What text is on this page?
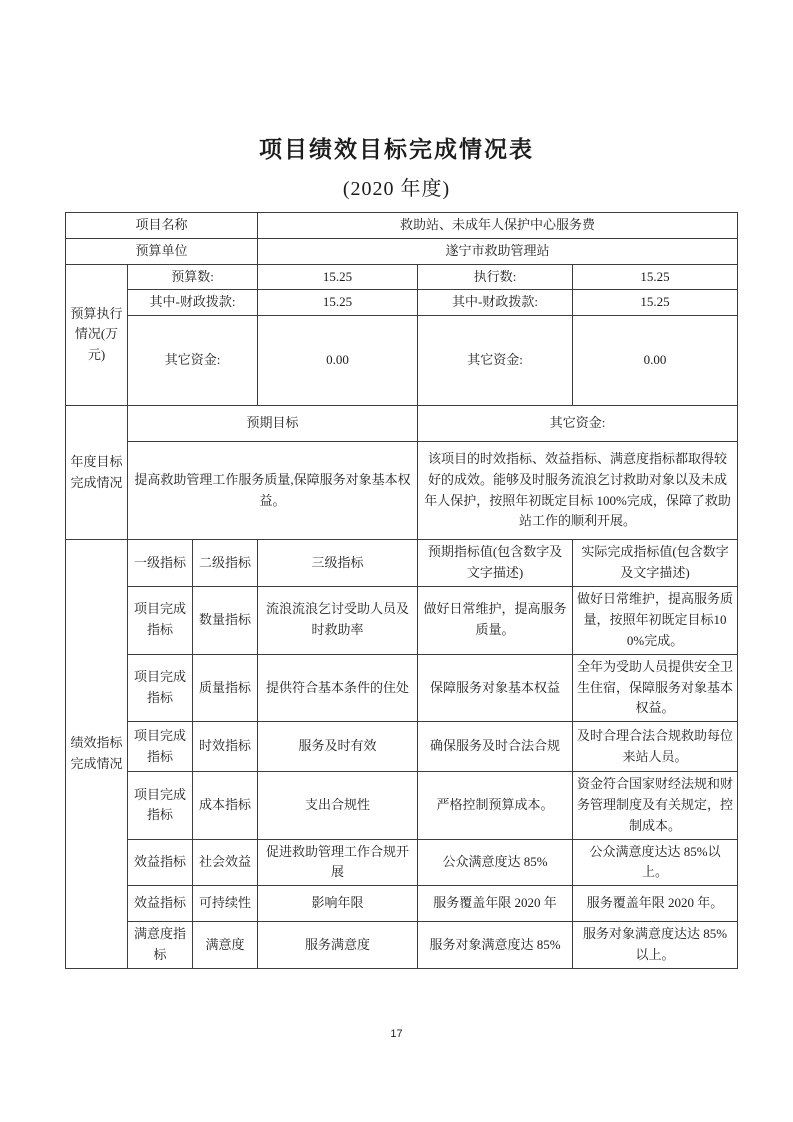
项目绩效目标完成情况表
(2020 年度)
项目名称			救助站、未成年人保护中心服务费		
预算单位			遂宁市救助管理站		
预算执行情况(万元)	预算数:		15.25	执行数:	15.25
	其中-财政拨款:		15.25	其中-财政拨款:	15.25
	其它资金:		0.00	其它资金:	0.00
年度目标完成情况	预期目标			其它资金:	
	提高救助管理工作服务质量,保障服务对象基本权益。			该项目的时效指标、效益指标、满意度指标都取得较好的成效。能够及时服务流浪乞讨救助对象以及未成年人保护，按照年初既定目标 100%完成，保障了救助站工作的顺利开展。	
绩效指标完成情况	一级指标	二级指标	三级指标	预期指标值(包含数字及文字描述)	实际完成指标值(包含数字及文字描述)
	项目完成指标	数量指标	流浪流浪乞讨受助人员及时救助率	做好日常维护，提高服务质量。	做好日常维护，提高服务质量，按照年初既定目标100%完成。
	项目完成指标	质量指标	提供符合基本条件的住处	保障服务对象基本权益	全年为受助人员提供安全卫生住宿，保障服务对象基本权益。
	项目完成指标	时效指标	服务及时有效	确保服务及时合法合规	及时合理合法合规救助每位来站人员。
	项目完成指标	成本指标	支出合规性	严格控制预算成本。	资金符合国家财经法规和财务管理制度及有关规定，控制成本。
	效益指标	社会效益	促进救助管理工作合规开展	公众满意度达 85%	公众满意度达达 85%以上。
	效益指标	可持续性	影响年限	服务覆盖年限 2020 年	服务覆盖年限 2020 年。
	满意度指标	满意度	服务满意度	服务对象满意度达 85%	服务对象满意度达达 85%以上。
17
